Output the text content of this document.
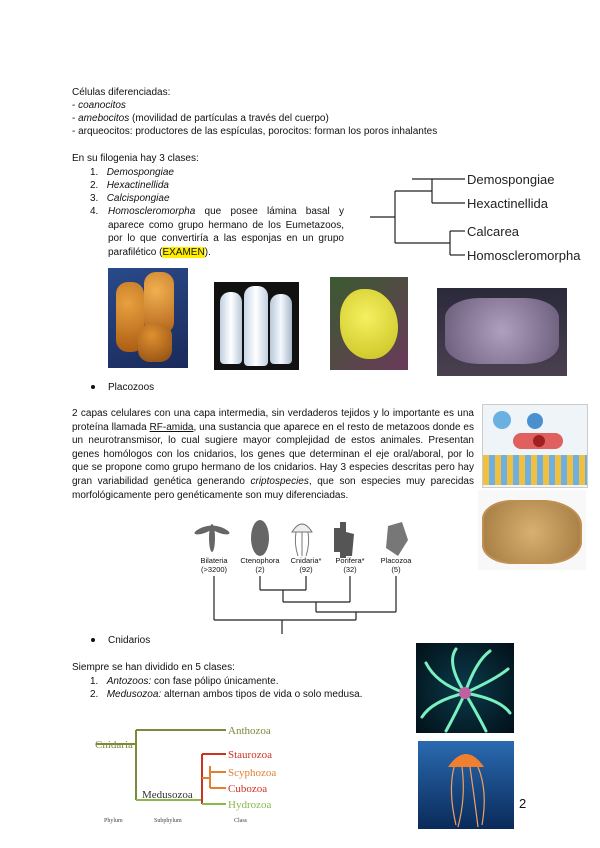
Células diferenciadas:
- coanocitos
- amebocitos (movilidad de partículas a través del cuerpo)
- arqueocitos: productores de las espículas, porocitos: forman los poros inhalantes
En su filogenia hay 3 clases:
1. Demospongiae
2. Hexactinellida
3. Calcispongiae
4. Homoscleromorpha que posee lámina basal y aparece como grupo hermano de los Eumetazoos, por lo que convertiría a las esponjas en un grupo parafilético (EXAMEN).
Demospongiae
Hexactinellida
Calcarea
Homoscleromorpha
Placozoos
2 capas celulares con una capa intermedia, sin verdaderos tejidos y lo importante es una proteína llamada RF-amida, una sustancia que aparece en el resto de metazoos donde es un neurotransmisor, lo cual sugiere mayor complejidad de estos animales. Presentan genes homólogos con los cnidarios, los genes que determinan el eje oral/aboral, por lo que se propone como grupo hermano de los cnidarios. Hay 3 especies descritas pero hay gran variabilidad genética generando criptospecies, que son especies muy parecidas morfológicamente pero genéticamente son muy diferenciadas.
Bilateria
(>3200)
Ctenophora
(2)
Cnidaria*
(92)
Porifera*
(32)
Placozoa
(5)
Cnidarios
Siempre se han dividido en 5 clases:
1. Antozoos: con fase pólipo únicamente.
2. Medusozoa: alternan ambos tipos de vida o solo medusa.
Anthozoa
Staurozoa
Scyphozoa
Cubozoa
Hydrozoa
Cnidaria
Medusozoa
Phylum	Subphylum	Class
2
